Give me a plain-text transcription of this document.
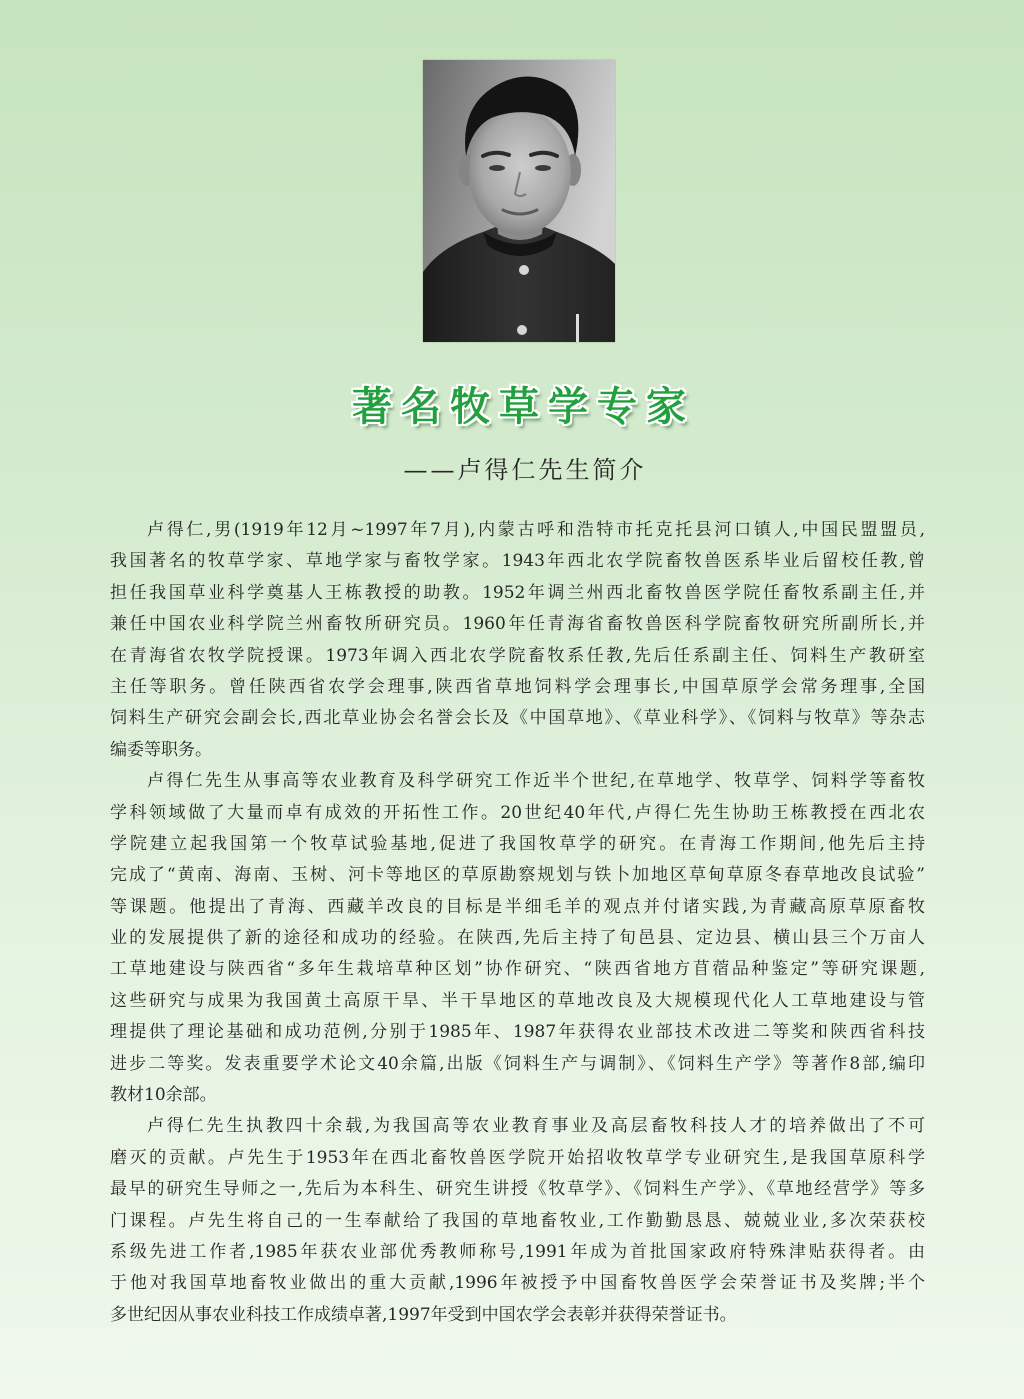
著名牧草学专家
——卢得仁先生简介
卢得仁,男(1919年12月~1997年7月),内蒙古呼和浩特市托克托县河口镇人,中国民盟盟员,
我国著名的牧草学家、草地学家与畜牧学家。1943年西北农学院畜牧兽医系毕业后留校任教,曾
担任我国草业科学奠基人王栋教授的助教。1952年调兰州西北畜牧兽医学院任畜牧系副主任,并
兼任中国农业科学院兰州畜牧所研究员。1960年任青海省畜牧兽医科学院畜牧研究所副所长,并
在青海省农牧学院授课。1973年调入西北农学院畜牧系任教,先后任系副主任、饲料生产教研室
主任等职务。曾任陕西省农学会理事,陕西省草地饲料学会理事长,中国草原学会常务理事,全国
饲料生产研究会副会长,西北草业协会名誉会长及《中国草地》、《草业科学》、《饲料与牧草》等杂志
编委等职务。
卢得仁先生从事高等农业教育及科学研究工作近半个世纪,在草地学、牧草学、饲料学等畜牧
学科领域做了大量而卓有成效的开拓性工作。20世纪40年代,卢得仁先生协助王栋教授在西北农
学院建立起我国第一个牧草试验基地,促进了我国牧草学的研究。在青海工作期间,他先后主持
完成了“黄南、海南、玉树、河卡等地区的草原勘察规划与铁卜加地区草甸草原冬春草地改良试验”
等课题。他提出了青海、西藏羊改良的目标是半细毛羊的观点并付诸实践,为青藏高原草原畜牧
业的发展提供了新的途径和成功的经验。在陕西,先后主持了旬邑县、定边县、横山县三个万亩人
工草地建设与陕西省“多年生栽培草种区划”协作研究、“陕西省地方苜蓿品种鉴定”等研究课题,
这些研究与成果为我国黄土高原干旱、半干旱地区的草地改良及大规模现代化人工草地建设与管
理提供了理论基础和成功范例,分别于1985年、1987年获得农业部技术改进二等奖和陕西省科技
进步二等奖。发表重要学术论文40余篇,出版《饲料生产与调制》、《饲料生产学》等著作8部,编印
教材10余部。
卢得仁先生执教四十余载,为我国高等农业教育事业及高层畜牧科技人才的培养做出了不可
磨灭的贡献。卢先生于1953年在西北畜牧兽医学院开始招收牧草学专业研究生,是我国草原科学
最早的研究生导师之一,先后为本科生、研究生讲授《牧草学》、《饲料生产学》、《草地经营学》等多
门课程。卢先生将自己的一生奉献给了我国的草地畜牧业,工作勤勤恳恳、兢兢业业,多次荣获校
系级先进工作者,1985年获农业部优秀教师称号,1991年成为首批国家政府特殊津贴获得者。由
于他对我国草地畜牧业做出的重大贡献,1996年被授予中国畜牧兽医学会荣誉证书及奖牌;半个
多世纪因从事农业科技工作成绩卓著,1997年受到中国农学会表彰并获得荣誉证书。
